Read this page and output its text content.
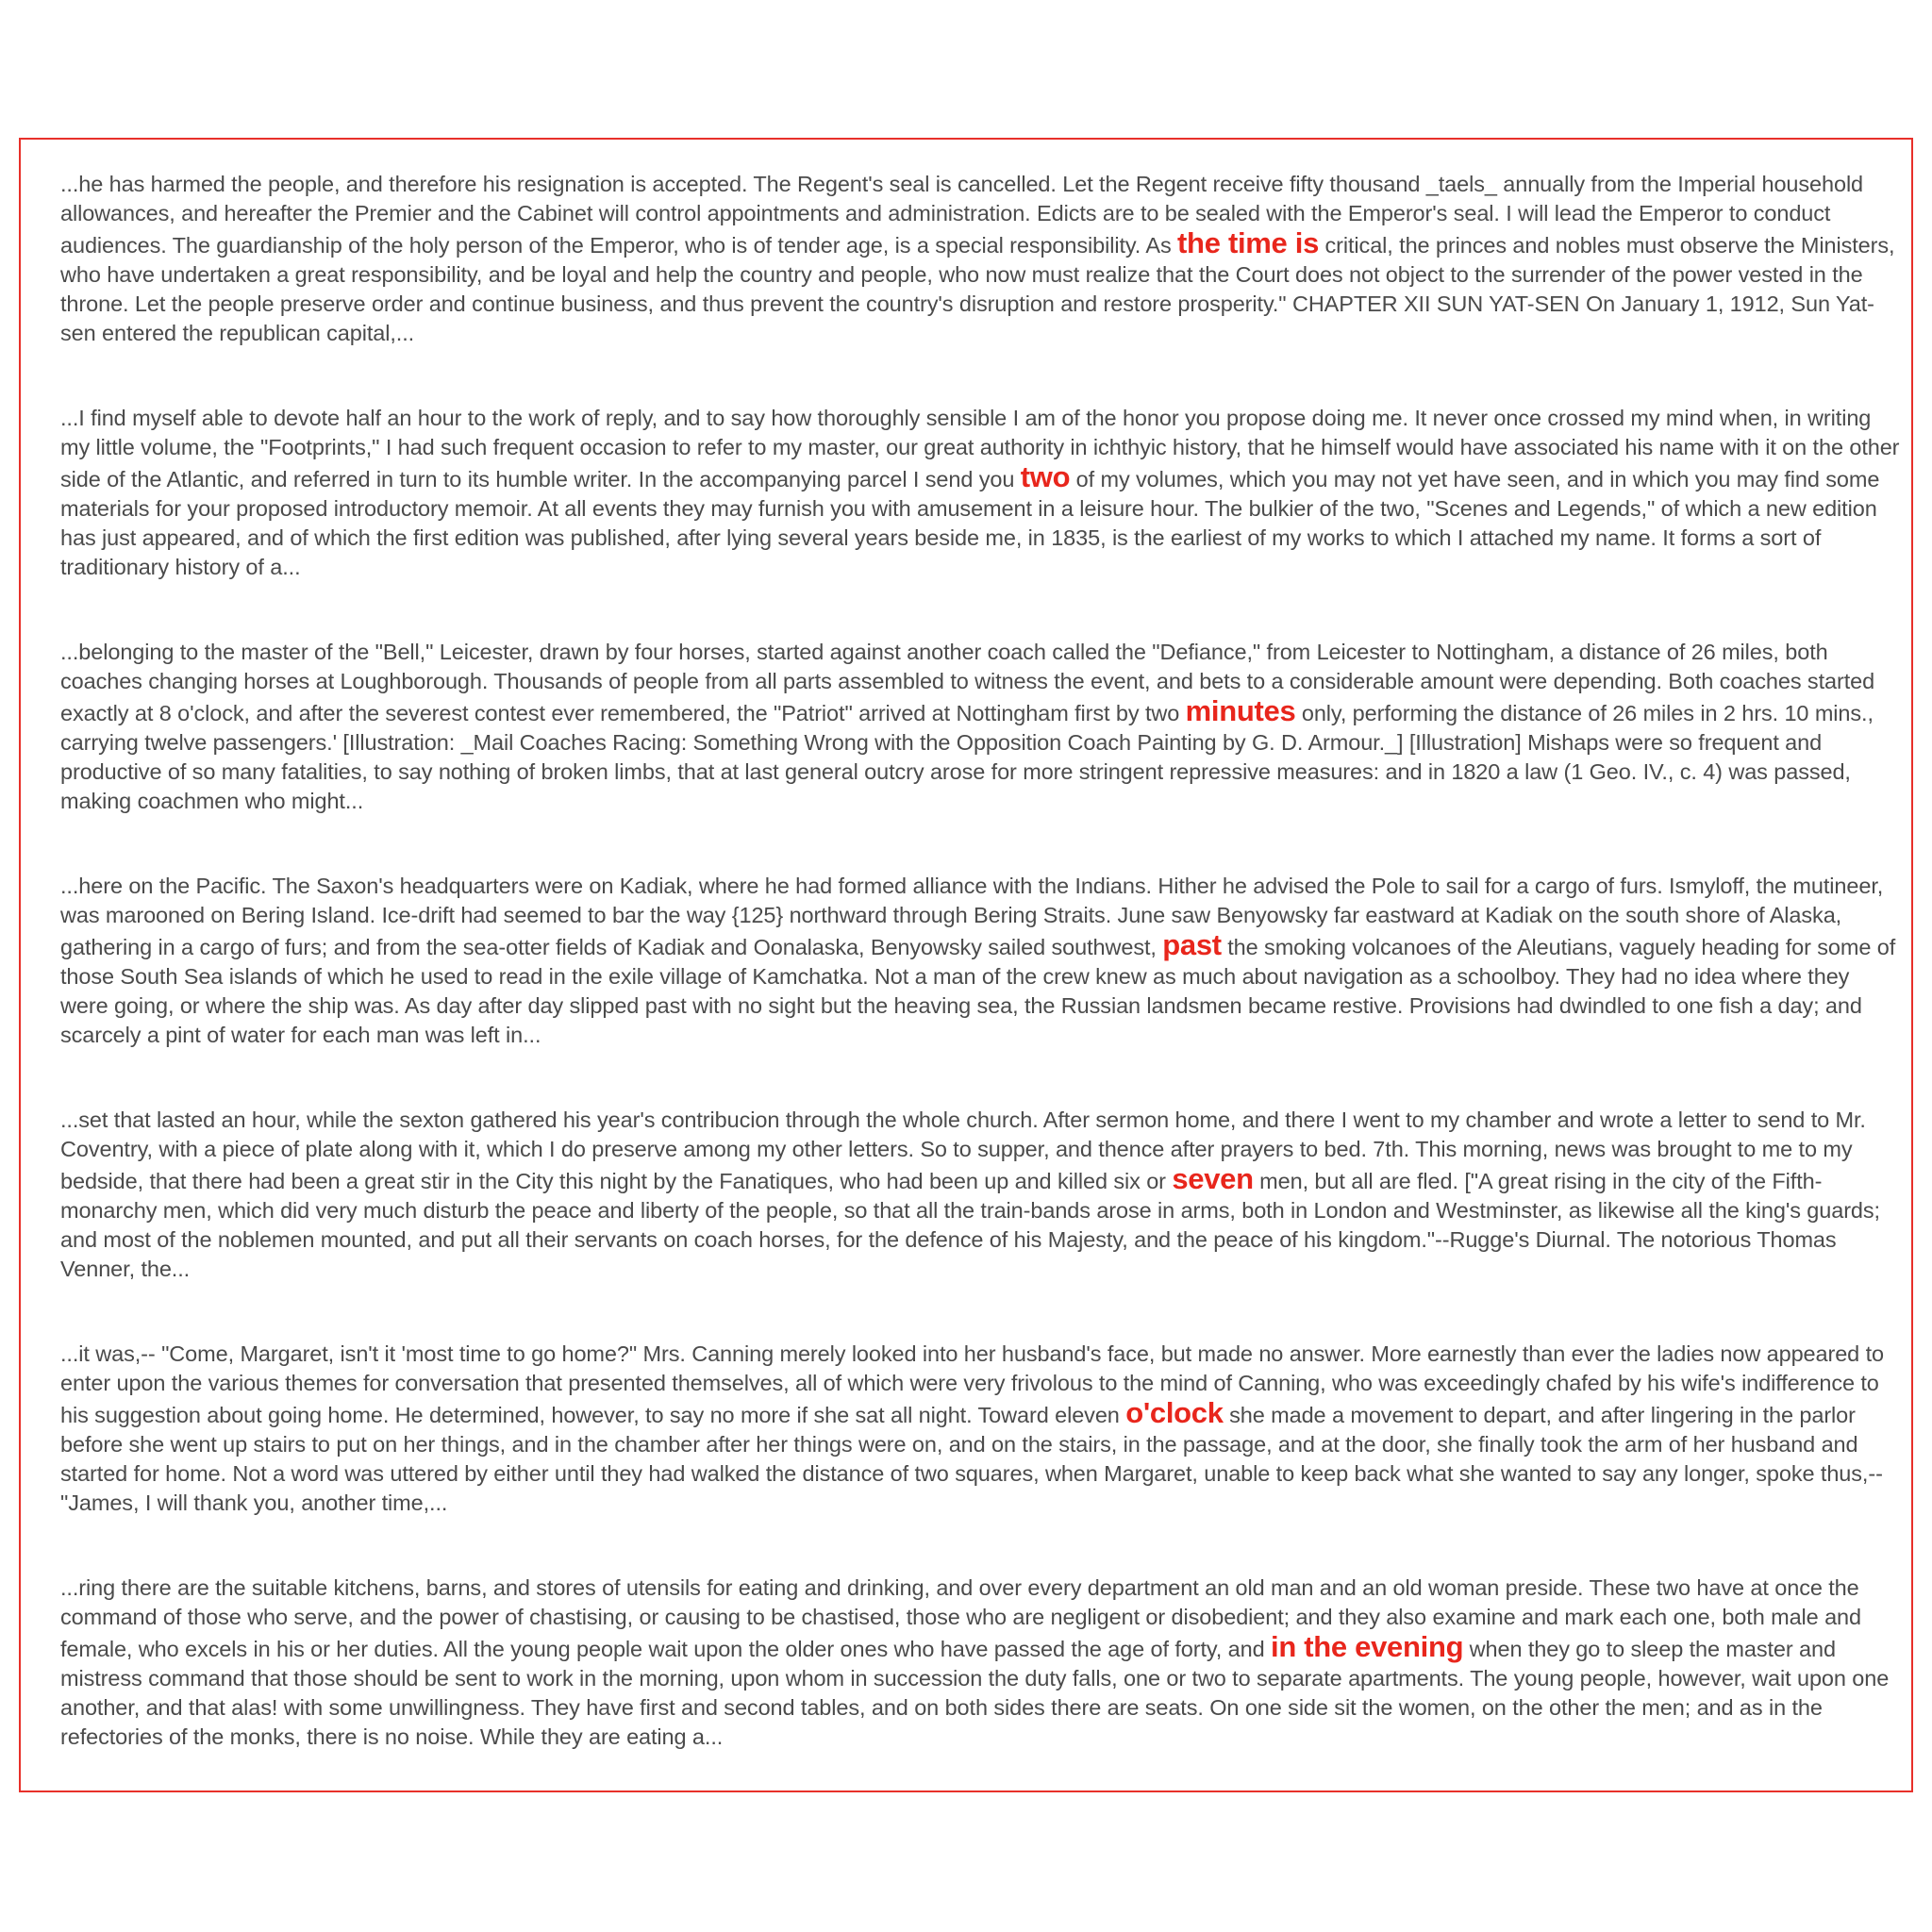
...he has harmed the people, and therefore his resignation is accepted. The Regent's seal is cancelled. Let the Regent receive fifty thousand _taels_ annually from the Imperial household allowances, and hereafter the Premier and the Cabinet will control appointments and administration. Edicts are to be sealed with the Emperor's seal. I will lead the Emperor to conduct audiences. The guardianship of the holy person of the Emperor, who is of tender age, is a special responsibility. As the time is critical, the princes and nobles must observe the Ministers, who have undertaken a great responsibility, and be loyal and help the country and people, who now must realize that the Court does not object to the surrender of the power vested in the throne. Let the people preserve order and continue business, and thus prevent the country's disruption and restore prosperity." CHAPTER XII SUN YAT-SEN On January 1, 1912, Sun Yat-sen entered the republican capital,...

...I find myself able to devote half an hour to the work of reply, and to say how thoroughly sensible I am of the honor you propose doing me. It never once crossed my mind when, in writing my little volume, the "Footprints," I had such frequent occasion to refer to my master, our great authority in ichthyic history, that he himself would have associated his name with it on the other side of the Atlantic, and referred in turn to its humble writer. In the accompanying parcel I send you two of my volumes, which you may not yet have seen, and in which you may find some materials for your proposed introductory memoir. At all events they may furnish you with amusement in a leisure hour. The bulkier of the two, "Scenes and Legends," of which a new edition has just appeared, and of which the first edition was published, after lying several years beside me, in 1835, is the earliest of my works to which I attached my name. It forms a sort of traditionary history of a...

...belonging to the master of the "Bell," Leicester, drawn by four horses, started against another coach called the "Defiance," from Leicester to Nottingham, a distance of 26 miles, both coaches changing horses at Loughborough. Thousands of people from all parts assembled to witness the event, and bets to a considerable amount were depending. Both coaches started exactly at 8 o'clock, and after the severest contest ever remembered, the "Patriot" arrived at Nottingham first by two minutes only, performing the distance of 26 miles in 2 hrs. 10 mins., carrying twelve passengers.' [Illustration: _Mail Coaches Racing: Something Wrong with the Opposition Coach Painting by G. D. Armour._] [Illustration] Mishaps were so frequent and productive of so many fatalities, to say nothing of broken limbs, that at last general outcry arose for more stringent repressive measures: and in 1820 a law (1 Geo. IV., c. 4) was passed, making coachmen who might...

...here on the Pacific. The Saxon's headquarters were on Kadiak, where he had formed alliance with the Indians. Hither he advised the Pole to sail for a cargo of furs. Ismyloff, the mutineer, was marooned on Bering Island. Ice-drift had seemed to bar the way {125} northward through Bering Straits. June saw Benyowsky far eastward at Kadiak on the south shore of Alaska, gathering in a cargo of furs; and from the sea-otter fields of Kadiak and Oonalaska, Benyowsky sailed southwest, past the smoking volcanoes of the Aleutians, vaguely heading for some of those South Sea islands of which he used to read in the exile village of Kamchatka. Not a man of the crew knew as much about navigation as a schoolboy. They had no idea where they were going, or where the ship was. As day after day slipped past with no sight but the heaving sea, the Russian landsmen became restive. Provisions had dwindled to one fish a day; and scarcely a pint of water for each man was left in...

...set that lasted an hour, while the sexton gathered his year's contribucion through the whole church. After sermon home, and there I went to my chamber and wrote a letter to send to Mr. Coventry, with a piece of plate along with it, which I do preserve among my other letters. So to supper, and thence after prayers to bed. 7th. This morning, news was brought to me to my bedside, that there had been a great stir in the City this night by the Fanatiques, who had been up and killed six or seven men, but all are fled. ["A great rising in the city of the Fifth-monarchy men, which did very much disturb the peace and liberty of the people, so that all the train-bands arose in arms, both in London and Westminster, as likewise all the king's guards; and most of the noblemen mounted, and put all their servants on coach horses, for the defence of his Majesty, and the peace of his kingdom."--Rugge's Diurnal. The notorious Thomas Venner, the...

...it was,-- "Come, Margaret, isn't it 'most time to go home?" Mrs. Canning merely looked into her husband's face, but made no answer. More earnestly than ever the ladies now appeared to enter upon the various themes for conversation that presented themselves, all of which were very frivolous to the mind of Canning, who was exceedingly chafed by his wife's indifference to his suggestion about going home. He determined, however, to say no more if she sat all night. Toward eleven o'clock she made a movement to depart, and after lingering in the parlor before she went up stairs to put on her things, and in the chamber after her things were on, and on the stairs, in the passage, and at the door, she finally took the arm of her husband and started for home. Not a word was uttered by either until they had walked the distance of two squares, when Margaret, unable to keep back what she wanted to say any longer, spoke thus,-- "James, I will thank you, another time,...

...ring there are the suitable kitchens, barns, and stores of utensils for eating and drinking, and over every department an old man and an old woman preside. These two have at once the command of those who serve, and the power of chastising, or causing to be chastised, those who are negligent or disobedient; and they also examine and mark each one, both male and female, who excels in his or her duties. All the young people wait upon the older ones who have passed the age of forty, and in the evening when they go to sleep the master and mistress command that those should be sent to work in the morning, upon whom in succession the duty falls, one or two to separate apartments. The young people, however, wait upon one another, and that alas! with some unwillingness. They have first and second tables, and on both sides there are seats. On one side sit the women, on the other the men; and as in the refectories of the monks, there is no noise. While they are eating a...
